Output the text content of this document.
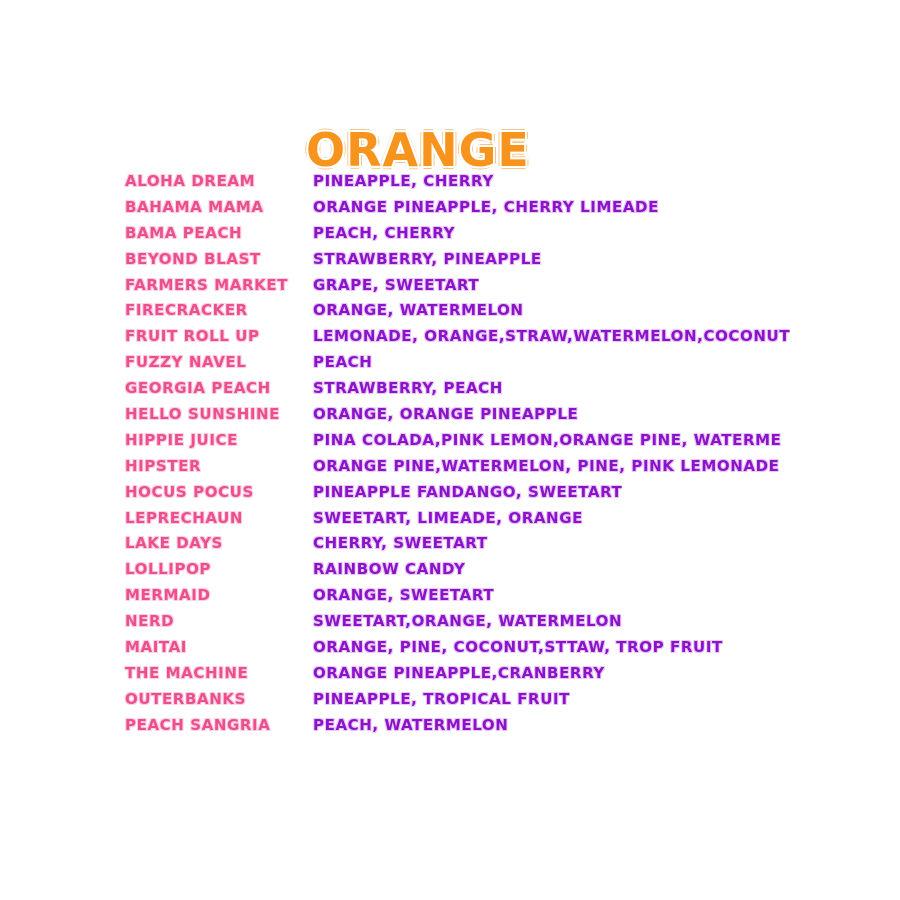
ORANGE
ALOHA DREAM	PINEAPPLE, CHERRY
BAHAMA MAMA	ORANGE PINEAPPLE, CHERRY LIMEADE
BAMA PEACH	PEACH, CHERRY
BEYOND BLAST	STRAWBERRY, PINEAPPLE
FARMERS MARKET	GRAPE, SWEETART
FIRECRACKER	ORANGE, WATERMELON
FRUIT ROLL UP	LEMONADE, ORANGE,STRAW,WATERMELON,COCONUT
FUZZY NAVEL	PEACH
GEORGIA PEACH	STRAWBERRY, PEACH
HELLO SUNSHINE	ORANGE, ORANGE PINEAPPLE
HIPPIE JUICE	PINA COLADA,PINK LEMON,ORANGE PINE, WATERME
HIPSTER	ORANGE PINE,WATERMELON, PINE, PINK LEMONADE
HOCUS POCUS	PINEAPPLE FANDANGO, SWEETART
LEPRECHAUN	SWEETART, LIMEADE, ORANGE
LAKE DAYS	CHERRY, SWEETART
LOLLIPOP	RAINBOW CANDY
MERMAID	ORANGE, SWEETART
NERD	SWEETART,ORANGE, WATERMELON
MAITAI	ORANGE, PINE, COCONUT,STTAW, TROP FRUIT
THE MACHINE	ORANGE PINEAPPLE,CRANBERRY
OUTERBANKS	PINEAPPLE, TROPICAL FRUIT
PEACH SANGRIA	PEACH, WATERMELON
